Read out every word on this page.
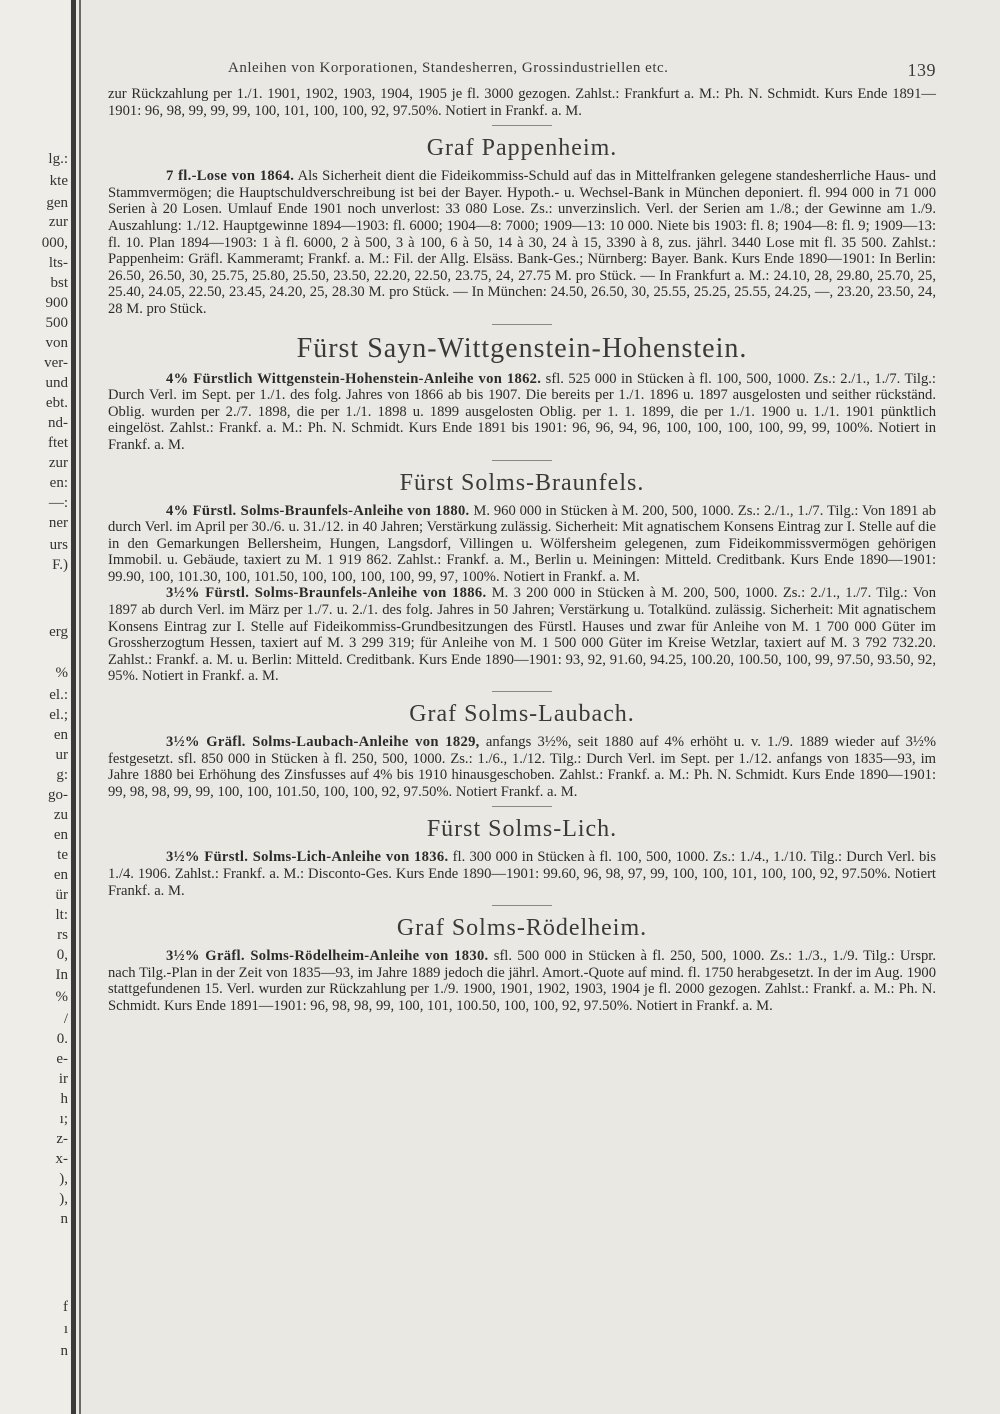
lg.:
kte
gen
zur
000,
lts-
bst
900
500
von
ver-
und
ebt.
nd-
ftet
zur
en:
—:
ner
urs
F.)
erg
%
el.:
el.;
en
ur
g:
go-
zu
en
te
en
ür
lt:
rs
0,
In
%
/
0.
e-
ir
h
ı;
z-
x-
),
),
n
f
ı
n
Anleihen von Korporationen, Standesherren, Grossindustriellen etc.	139

zur Rückzahlung per 1./1. 1901, 1902, 1903, 1904, 1905 je fl. 3000 gezogen. Zahlst.: Frankfurt a. M.: Ph. N. Schmidt. Kurs Ende 1891—1901: 96, 98, 99, 99, 99, 100, 101, 100, 100, 92, 97.50%. Notiert in Frankf. a. M.

Graf Pappenheim.

7 fl.-Lose von 1864. Als Sicherheit dient die Fideikommiss-Schuld auf das in Mittelfranken gelegene standesherrliche Haus- und Stammvermögen; die Hauptschuldverschreibung ist bei der Bayer. Hypoth.- u. Wechsel-Bank in München deponiert. fl. 994 000 in 71 000 Serien à 20 Losen. Umlauf Ende 1901 noch unverlost: 33 080 Lose. Zs.: unverzinslich. Verl. der Serien am 1./8.; der Gewinne am 1./9. Auszahlung: 1./12. Hauptgewinne 1894—1903: fl. 6000; 1904—8: 7000; 1909—13: 10 000. Niete bis 1903: fl. 8; 1904—8: fl. 9; 1909—13: fl. 10. Plan 1894—1903: 1 à fl. 6000, 2 à 500, 3 à 100, 6 à 50, 14 à 30, 24 à 15, 3390 à 8, zus. jährl. 3440 Lose mit fl. 35 500. Zahlst.: Pappenheim: Gräfl. Kammeramt; Frankf. a. M.: Fil. der Allg. Elsäss. Bank-Ges.; Nürnberg: Bayer. Bank. Kurs Ende 1890—1901: In Berlin: 26.50, 26.50, 30, 25.75, 25.80, 25.50, 23.50, 22.20, 22.50, 23.75, 24, 27.75 M. pro Stück. — In Frankfurt a. M.: 24.10, 28, 29.80, 25.70, 25, 25.40, 24.05, 22.50, 23.45, 24.20, 25, 28.30 M. pro Stück. — In München: 24.50, 26.50, 30, 25.55, 25.25, 25.55, 24.25, —, 23.20, 23.50, 24, 28 M. pro Stück.

Fürst Sayn-Wittgenstein-Hohenstein.

4% Fürstlich Wittgenstein-Hohenstein-Anleihe von 1862. sfl. 525 000 in Stücken à fl. 100, 500, 1000. Zs.: 2./1., 1./7. Tilg.: Durch Verl. im Sept. per 1./1. des folg. Jahres von 1866 ab bis 1907. Die bereits per 1./1. 1896 u. 1897 ausgelosten und seither rückständ. Oblig. wurden per 2./7. 1898, die per 1./1. 1898 u. 1899 ausgelosten Oblig. per 1. 1. 1899, die per 1./1. 1900 u. 1./1. 1901 pünktlich eingelöst. Zahlst.: Frankf. a. M.: Ph. N. Schmidt. Kurs Ende 1891 bis 1901: 96, 96, 94, 96, 100, 100, 100, 100, 99, 99, 100%. Notiert in Frankf. a. M.

Fürst Solms-Braunfels.

4% Fürstl. Solms-Braunfels-Anleihe von 1880. M. 960 000 in Stücken à M. 200, 500, 1000. Zs.: 2./1., 1./7. Tilg.: Von 1891 ab durch Verl. im April per 30./6. u. 31./12. in 40 Jahren; Verstärkung zulässig. Sicherheit: Mit agnatischem Konsens Eintrag zur I. Stelle auf die in den Gemarkungen Bellersheim, Hungen, Langsdorf, Villingen u. Wölfersheim gelegenen, zum Fideikommissvermögen gehörigen Immobil. u. Gebäude, taxiert zu M. 1 919 862. Zahlst.: Frankf. a. M., Berlin u. Meiningen: Mitteld. Creditbank. Kurs Ende 1890—1901: 99.90, 100, 101.30, 100, 101.50, 100, 100, 100, 100, 99, 97, 100%. Notiert in Frankf. a. M.

3½% Fürstl. Solms-Braunfels-Anleihe von 1886. M. 3 200 000 in Stücken à M. 200, 500, 1000. Zs.: 2./1., 1./7. Tilg.: Von 1897 ab durch Verl. im März per 1./7. u. 2./1. des folg. Jahres in 50 Jahren; Verstärkung u. Totalkünd. zulässig. Sicherheit: Mit agnatischem Konsens Eintrag zur I. Stelle auf Fideikommiss-Grundbesitzungen des Fürstl. Hauses und zwar für Anleihe von M. 1 700 000 Güter im Grossherzogtum Hessen, taxiert auf M. 3 299 319; für Anleihe von M. 1 500 000 Güter im Kreise Wetzlar, taxiert auf M. 3 792 732.20. Zahlst.: Frankf. a. M. u. Berlin: Mitteld. Creditbank. Kurs Ende 1890—1901: 93, 92, 91.60, 94.25, 100.20, 100.50, 100, 99, 97.50, 93.50, 92, 95%. Notiert in Frankf. a. M.

Graf Solms-Laubach.

3½% Gräfl. Solms-Laubach-Anleihe von 1829, anfangs 3½%, seit 1880 auf 4% erhöht u. v. 1./9. 1889 wieder auf 3½% festgesetzt. sfl. 850 000 in Stücken à fl. 250, 500, 1000. Zs.: 1./6., 1./12. Tilg.: Durch Verl. im Sept. per 1./12. anfangs von 1835—93, im Jahre 1880 bei Erhöhung des Zinsfusses auf 4% bis 1910 hinausgeschoben. Zahlst.: Frankf. a. M.: Ph. N. Schmidt. Kurs Ende 1890—1901: 99, 98, 98, 99, 99, 100, 100, 101.50, 100, 100, 92, 97.50%. Notiert Frankf. a. M.

Fürst Solms-Lich.

3½% Fürstl. Solms-Lich-Anleihe von 1836. fl. 300 000 in Stücken à fl. 100, 500, 1000. Zs.: 1./4., 1./10. Tilg.: Durch Verl. bis 1./4. 1906. Zahlst.: Frankf. a. M.: Disconto-Ges. Kurs Ende 1890—1901: 99.60, 96, 98, 97, 99, 100, 100, 101, 100, 100, 92, 97.50%. Notiert Frankf. a. M.

Graf Solms-Rödelheim.

3½% Gräfl. Solms-Rödelheim-Anleihe von 1830. sfl. 500 000 in Stücken à fl. 250, 500, 1000. Zs.: 1./3., 1./9. Tilg.: Urspr. nach Tilg.-Plan in der Zeit von 1835—93, im Jahre 1889 jedoch die jährl. Amort.-Quote auf mind. fl. 1750 herabgesetzt. In der im Aug. 1900 stattgefundenen 15. Verl. wurden zur Rückzahlung per 1./9. 1900, 1901, 1902, 1903, 1904 je fl. 2000 gezogen. Zahlst.: Frankf. a. M.: Ph. N. Schmidt. Kurs Ende 1891—1901: 96, 98, 98, 99, 100, 101, 100.50, 100, 100, 92, 97.50%. Notiert in Frankf. a. M.
